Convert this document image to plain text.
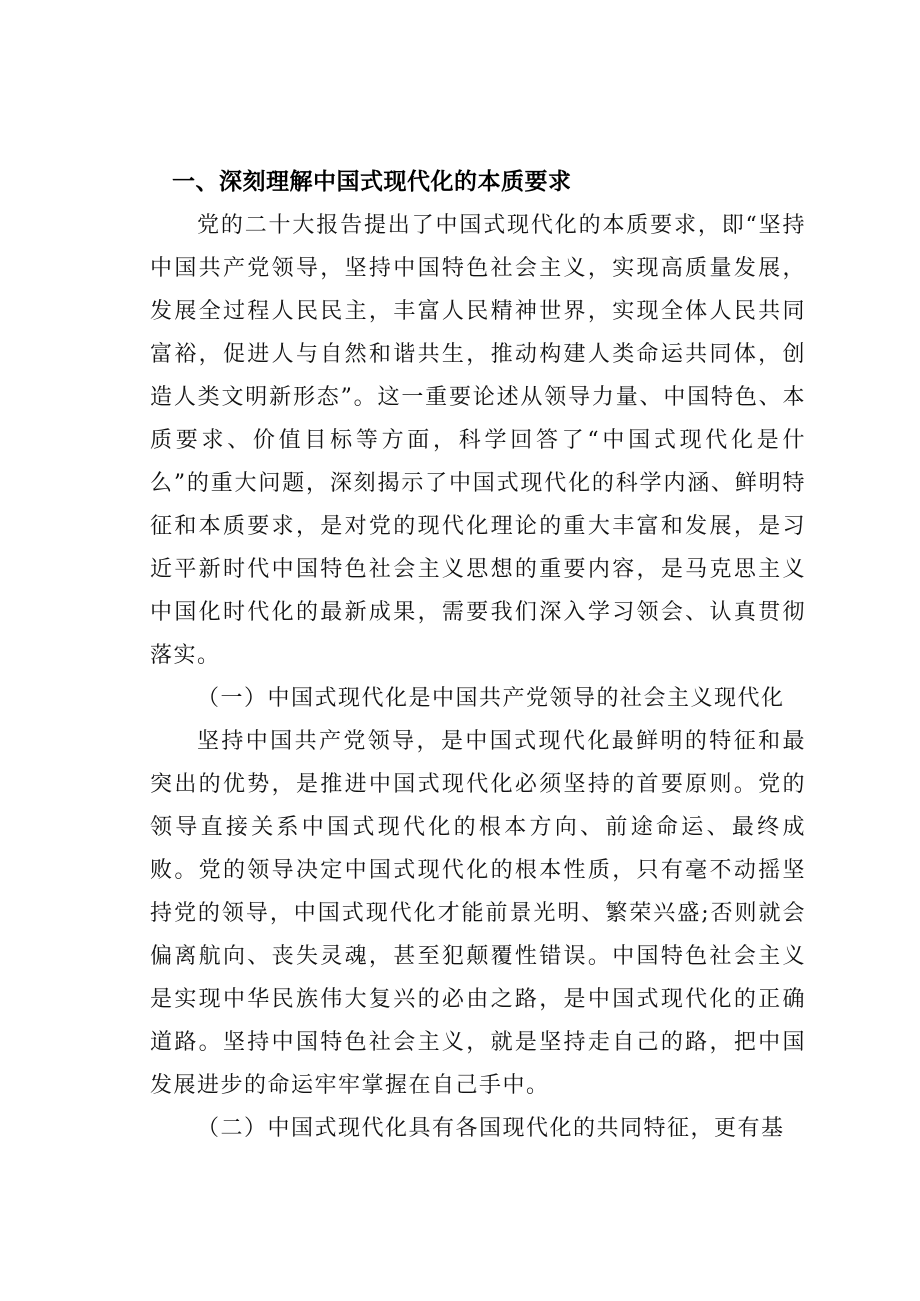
一、深刻理解中国式现代化的本质要求

党的二十大报告提出了中国式现代化的本质要求，即“坚持中国共产党领导，坚持中国特色社会主义，实现高质量发展，发展全过程人民民主，丰富人民精神世界，实现全体人民共同富裕，促进人与自然和谐共生，推动构建人类命运共同体，创造人类文明新形态”。这一重要论述从领导力量、中国特色、本质要求、价值目标等方面，科学回答了“中国式现代化是什么”的重大问题，深刻揭示了中国式现代化的科学内涵、鲜明特征和本质要求，是对党的现代化理论的重大丰富和发展，是习近平新时代中国特色社会主义思想的重要内容，是马克思主义中国化时代化的最新成果，需要我们深入学习领会、认真贯彻落实。

（一）中国式现代化是中国共产党领导的社会主义现代化

坚持中国共产党领导，是中国式现代化最鲜明的特征和最突出的优势，是推进中国式现代化必须坚持的首要原则。党的领导直接关系中国式现代化的根本方向、前途命运、最终成败。党的领导决定中国式现代化的根本性质，只有毫不动摇坚持党的领导，中国式现代化才能前景光明、繁荣兴盛;否则就会偏离航向、丧失灵魂，甚至犯颠覆性错误。中国特色社会主义是实现中华民族伟大复兴的必由之路，是中国式现代化的正确道路。坚持中国特色社会主义，就是坚持走自己的路，把中国发展进步的命运牢牢掌握在自己手中。

（二）中国式现代化具有各国现代化的共同特征，更有基
